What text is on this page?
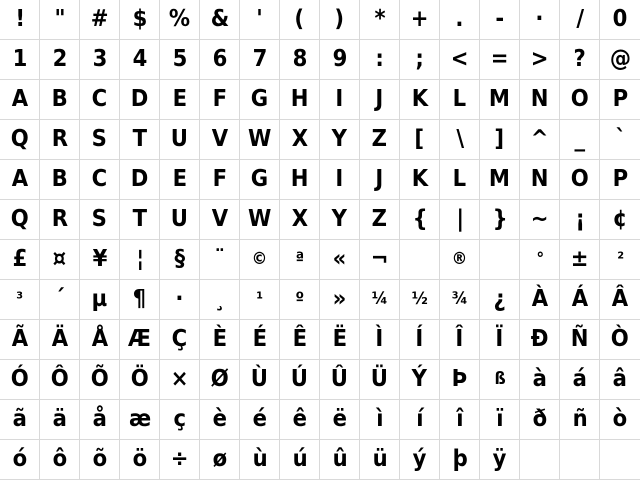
! " # $ % & ' ( ) * + . - · / 0
1 2 3 4 5 6 7 8 9 : ; < = > ? @
A B C D E F G H I J K L M N O P
Q R S T U V W X Y Z [ \ ] ^ _ `
A B C D E F G H I J K L M N O P
Q R S T U V W X Y Z { | } ~ ¡ ¢
£ ¤ ¥ ¦ § ¨ © ª « ¬	®	° ± ²
³ ´ µ ¶ · ¸ ¹ º » ¼ ½ ¾ ¿ À Á Â
Ã Ä Å Æ Ç È É Ê Ë Ì Í Î Ï Ð Ñ Ò
Ó Ô Õ Ö × Ø Ù Ú Û Ü Ý Þ ß à á â
ã ä å æ ç è é ê ë ì í î ï ð ñ ò
ó ô õ ö ÷ ø ù ú û ü ý þ ÿ
